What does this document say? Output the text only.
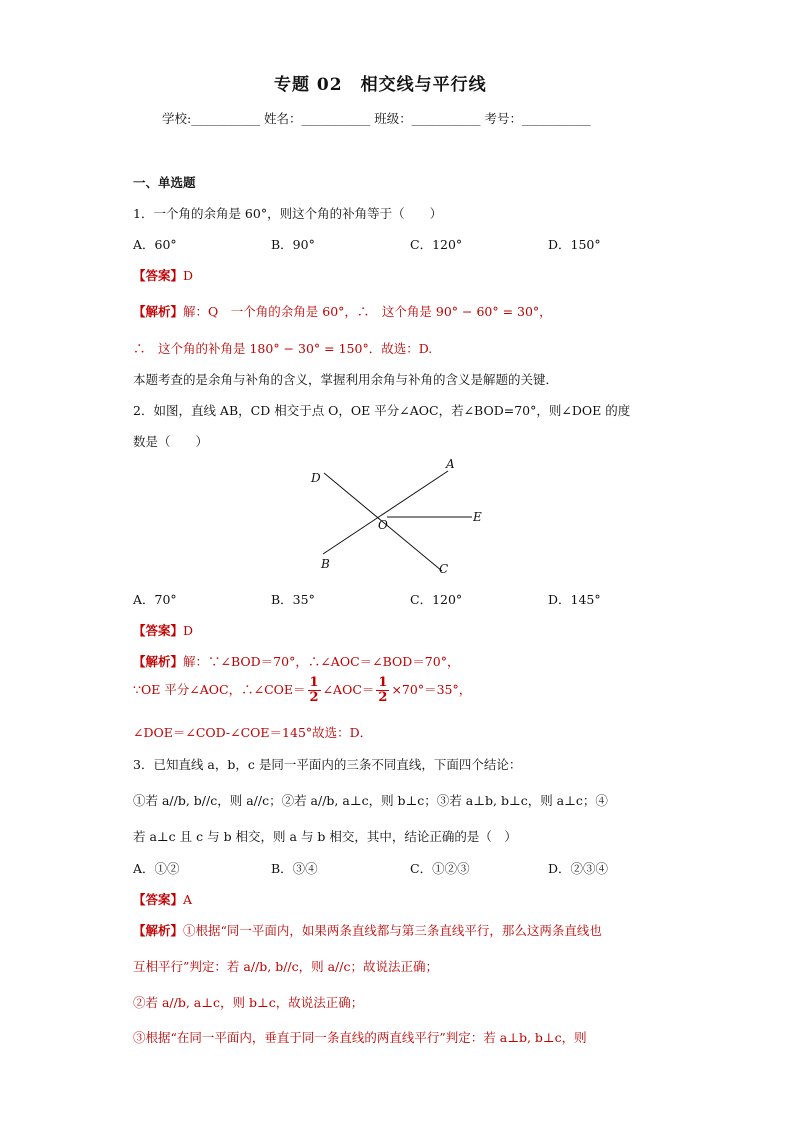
专题 02　相交线与平行线
学校:___________ 姓名：___________ 班级：___________ 考号：___________
一、单选题
1．一个角的余角是 60°，则这个角的补角等于（　　）
A．60°	B．90°	C．120°	D．150°
【答案】D
【解析】解：Q　一个角的余角是 60°，∴　这个角是 90° − 60° = 30°，
∴　这个角的补角是 180° − 30° = 150°．故选：D.
本题考查的是余角与补角的含义，掌握利用余角与补角的含义是解题的关键．
2．如图，直线 AB，CD 相交于点 O，OE 平分∠AOC，若∠BOD=70°，则∠DOE 的度
数是（　　）
A
B	C
D
E
O
A．70°	B．35°	C．120°	D．145°
【答案】D
【解析】解：∵∠BOD＝70°，∴∠AOC＝∠BOD＝70°，
∵OE 平分∠AOC，∴∠COE＝ $\frac{1}{2}$ ∠AOC＝ $\frac{1}{2} \times 70^\circ=35^\circ$，
∠DOE＝∠COD-∠COE＝145°故选：D．
3．已知直线 a，b，c 是同一平面内的三条不同直线，下面四个结论：
①若 a//b, b//c，则 a//c；②若 a//b, a⊥c，则 b⊥c；③若 a⊥b, b⊥c，则 a⊥c；④
若 a⊥c 且 c 与 b 相交，则 a 与 b 相交，其中，结论正确的是（　）
A．①②	B．③④	C．①②③	D．②③④
【答案】A
【解析】①根据“同一平面内，如果两条直线都与第三条直线平行，那么这两条直线也
互相平行”判定：若 a//b, b//c，则 a//c；故说法正确；
②若 a//b, a⊥c，则 b⊥c，故说法正确；
③根据“在同一平面内，垂直于同一条直线的两直线平行”判定：若 a⊥b, b⊥c，则
